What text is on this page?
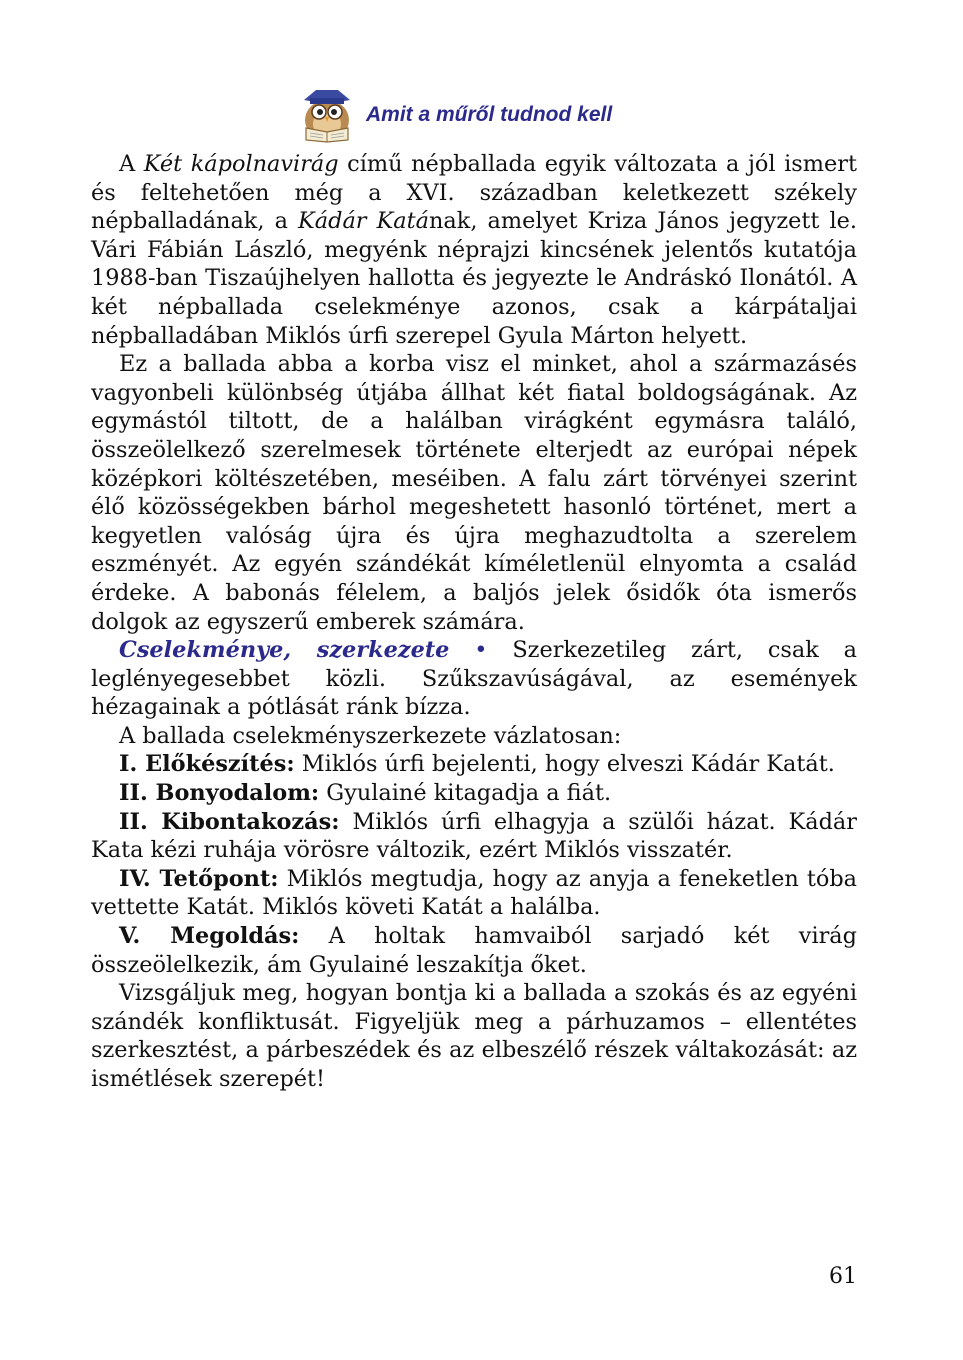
Amit a műről tudnod kell

A Két kápolnavirág című népballada egyik változata a jól ismert és feltehetően még a XVI. században keletkezett székely népballadának, a Kádár Katának, amelyet Kriza János jegyzett le. Vári Fábián László, megyénk néprajzi kincsének jelentős kutatója 1988-ban Tiszaújhelyen hallotta és jegyezte le Andráskó Ilonától. A két népballada cselekménye azonos, csak a kárpátaljai népballadában Miklós úrfi szerepel Gyula Márton helyett.

Ez a ballada abba a korba visz el minket, ahol a származásés vagyonbeli különbség útjába állhat két fiatal boldogságának. Az egymástól tiltott, de a halálban virágként egymásra találó, összeölelkező szerelmesek története elterjedt az európai népek középkori költészetében, meséiben. A falu zárt törvényei szerint élő közösségekben bárhol megeshetett hasonló történet, mert a kegyetlen valóság újra és újra meghazudtolta a szerelem eszményét. Az egyén szándékát kíméletlenül elnyomta a család érdeke. A babonás félelem, a baljós jelek ősidők óta ismerős dolgok az egyszerű emberek számára.

Cselekménye, szerkezete • Szerkezetileg zárt, csak a leglényegesebbet közli. Szűkszavúságával, az események hézagainak a pótlását ránk bízza.

A ballada cselekményszerkezete vázlatosan:

I. Előkészítés: Miklós úrfi bejelenti, hogy elveszi Kádár Katát.

II. Bonyodalom: Gyulainé kitagadja a fiát.

II. Kibontakozás: Miklós úrfi elhagyja a szülői házat. Kádár Kata kézi ruhája vörösre változik, ezért Miklós visszatér.

IV. Tetőpont: Miklós megtudja, hogy az anyja a feneketlen tóba vettette Katát. Miklós követi Katát a halálba.

V. Megoldás: A holtak hamvaiból sarjadó két virág összeölelkezik, ám Gyulainé leszakítja őket.

Vizsgáljuk meg, hogyan bontja ki a ballada a szokás és az egyéni szándék konfliktusát. Figyeljük meg a párhuzamos – ellentétes szerkesztést, a párbeszédek és az elbeszélő részek váltakozását: az ismétlések szerepét!

61
